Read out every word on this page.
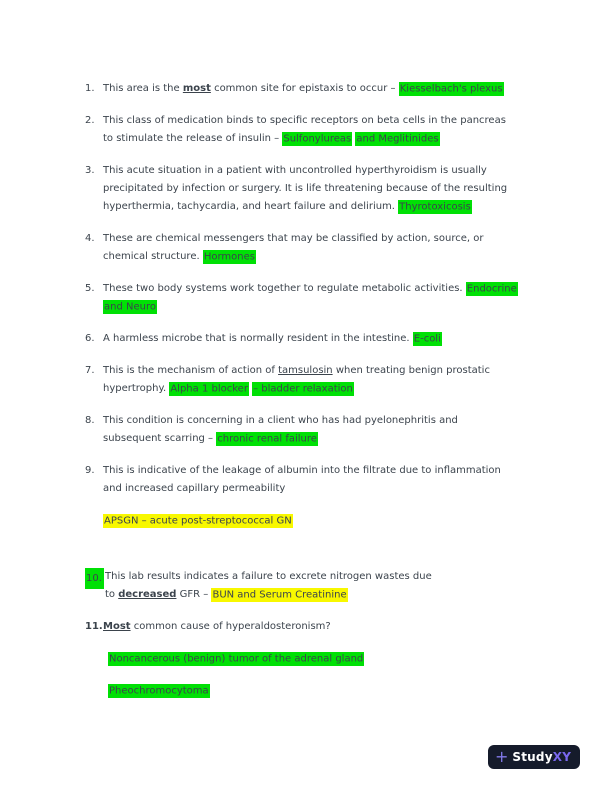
1. This area is the most common site for epistaxis to occur – Kiesselbach's plexus
2. This class of medication binds to specific receptors on beta cells in the pancreas
to stimulate the release of insulin – Sulfonylureas and Meglitinides
3. This acute situation in a patient with uncontrolled hyperthyroidism is usually
precipitated by infection or surgery. It is life threatening because of the resulting
hyperthermia, tachycardia, and heart failure and delirium. Thyrotoxicosis
4. These are chemical messengers that may be classified by action, source, or
chemical structure. Hormones
5. These two body systems work together to regulate metabolic activities. Endocrine
and Neuro
6. A harmless microbe that is normally resident in the intestine. E-coli
7. This is the mechanism of action of tamsulosin when treating benign prostatic
hypertrophy. Alpha 1 blocker – bladder relaxation
8. This condition is concerning in a client who has had pyelonephritis and
subsequent scarring – chronic renal failure
9. This is indicative of the leakage of albumin into the filtrate due to inflammation
and increased capillary permeability
APSGN – acute post-streptococcal GN
10. This lab results indicates a failure to excrete nitrogen wastes due
to decreased GFR – BUN and Serum Creatinine
11. Most common cause of hyperaldosteronism?
Noncancerous (benign) tumor of the adrenal gland
Pheochromocytoma
+ StudyXY
